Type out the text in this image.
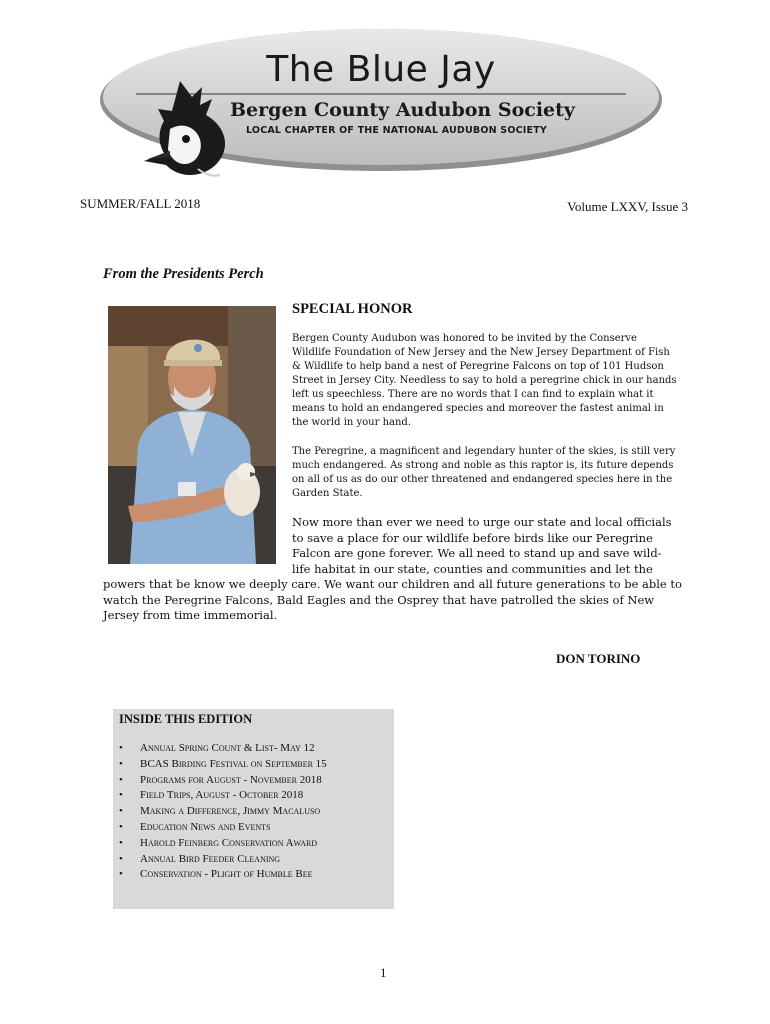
The Blue Jay
Bergen County Audubon Society
LOCAL CHAPTER OF THE NATIONAL AUDUBON SOCIETY
SUMMER/FALL 2018	Volume LXXV, Issue 3
From the Presidents Perch
SPECIAL HONOR
Bergen County Audubon was honored to be invited by the Conserve Wildlife Foundation of New Jersey and the New Jersey Department of Fish & Wildlife to help band a nest of Peregrine Falcons on top of 101 Hudson Street in Jersey City. Needless to say to hold a peregrine chick in our hands left us speechless. There are no words that I can find to explain what it means to hold an endangered species and moreover the fastest animal in the world in your hand.
The Peregrine, a magnificent and legendary hunter of the skies, is still very much endangered. As strong and noble as this raptor is, its future depends on all of us as do our other threatened and endangered species here in the Garden State.
Now more than ever we need to urge our state and local officials to save a place for our wildlife before birds like our Peregrine Falcon are gone forever. We all need to stand up and save wild-life habitat in our state, counties and communities and let the
powers that be know we deeply care. We want our children and all future generations to be able to watch the Peregrine Falcons, Bald Eagles and the Osprey that have patrolled the skies of New Jersey from time immemorial.
DON TORINO
INSIDE THIS EDITION
• Annual Spring Count & List- May 12
• BCAS Birding Festival on September 15
• Programs for August - November 2018
• Field Trips, August - October 2018
• Making a Difference, Jimmy Macaluso
• Education News and Events
• Harold Feinberg Conservation Award
• Annual Bird Feeder Cleaning
• Conservation - Plight of Humble Bee
1
